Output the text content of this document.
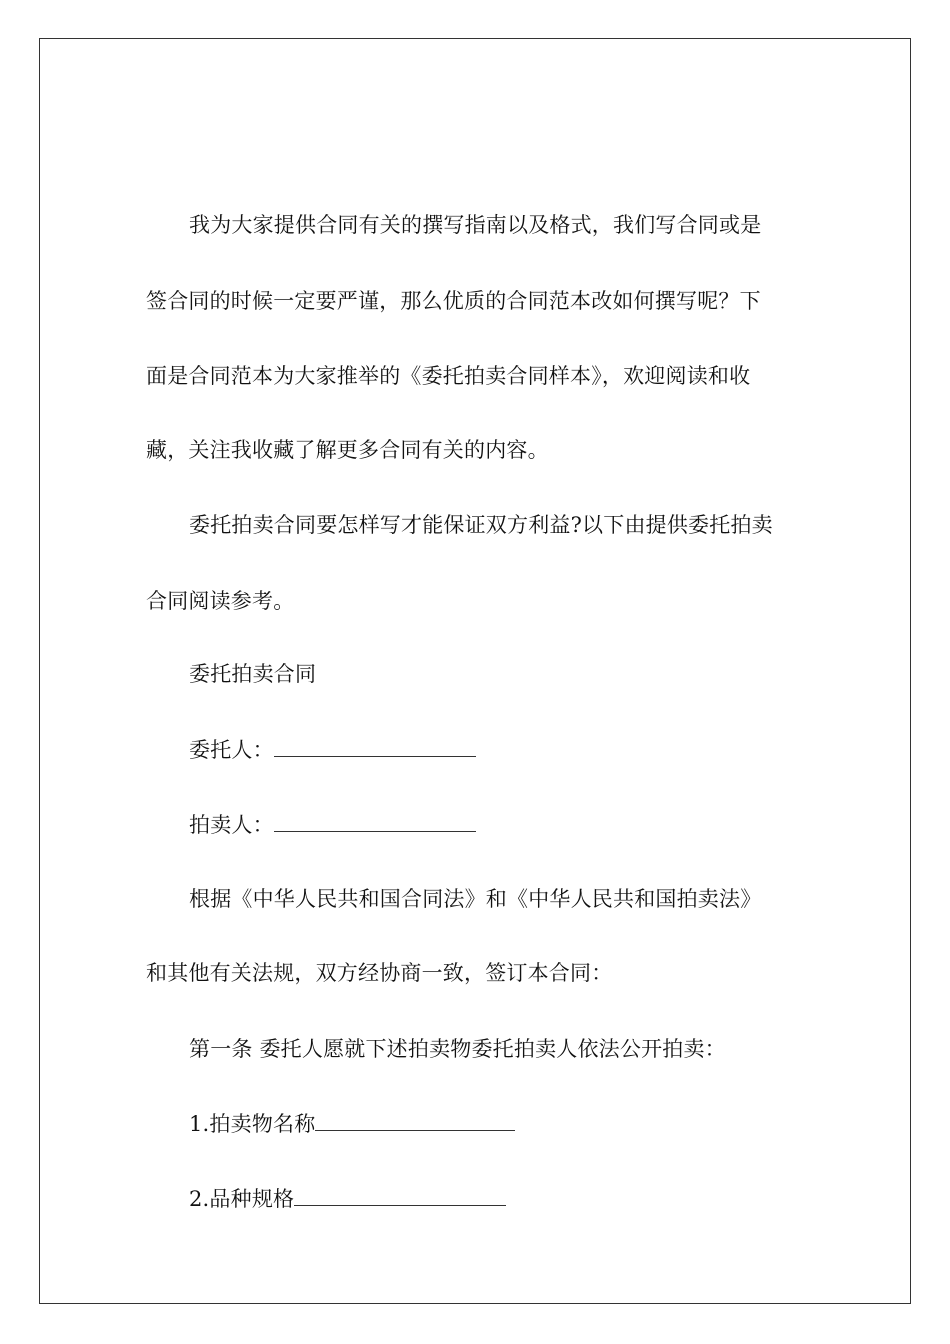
我为大家提供合同有关的撰写指南以及格式，我们写合同或是
签合同的时候一定要严谨，那么优质的合同范本改如何撰写呢？下
面是合同范本为大家推举的《委托拍卖合同样本》，欢迎阅读和收
藏，关注我收藏了解更多合同有关的内容。
委托拍卖合同要怎样写才能保证双方利益?以下由提供委托拍卖
合同阅读参考。
委托拍卖合同
委托人：
拍卖人：
根据《中华人民共和国合同法》和《中华人民共和国拍卖法》
和其他有关法规，双方经协商一致，签订本合同：
第一条 委托人愿就下述拍卖物委托拍卖人依法公开拍卖：
1.拍卖物名称
2.品种规格
